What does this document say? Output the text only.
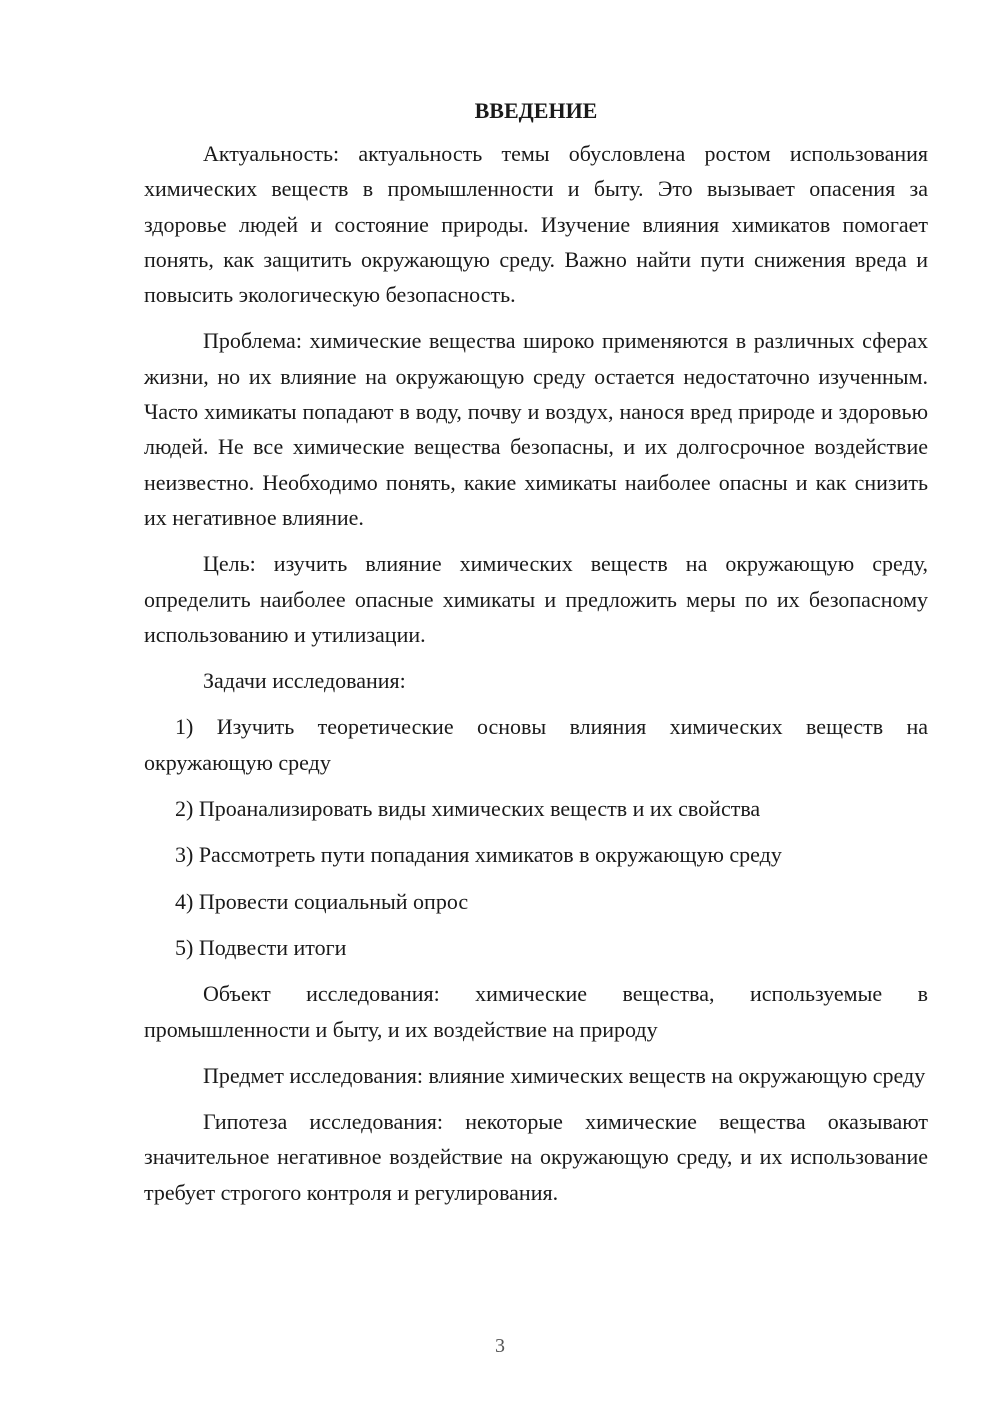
ВВЕДЕНИЕ

Актуальность: актуальность темы обусловлена ростом использования химических веществ в промышленности и быту. Это вызывает опасения за здоровье людей и состояние природы. Изучение влияния химикатов помогает понять, как защитить окружающую среду. Важно найти пути снижения вреда и повысить экологическую безопасность.

Проблема: химические вещества широко применяются в различных сферах жизни, но их влияние на окружающую среду остается недостаточно изученным. Часто химикаты попадают в воду, почву и воздух, нанося вред природе и здоровью людей. Не все химические вещества безопасны, и их долгосрочное воздействие неизвестно. Необходимо понять, какие химикаты наиболее опасны и как снизить их негативное влияние.

Цель: изучить влияние химических веществ на окружающую среду, определить наиболее опасные химикаты и предложить меры по их безопасному использованию и утилизации.

Задачи исследования:

1) Изучить теоретические основы влияния химических веществ на окружающую среду
2) Проанализировать виды химических веществ и их свойства
3) Рассмотреть пути попадания химикатов в окружающую среду
4) Провести социальный опрос
5) Подвести итоги

Объект исследования: химические вещества, используемые в промышленности и быту, и их воздействие на природу

Предмет исследования: влияние химических веществ на окружающую среду

Гипотеза исследования: некоторые химические вещества оказывают значительное негативное воздействие на окружающую среду, и их использование требует строгого контроля и регулирования.

3
